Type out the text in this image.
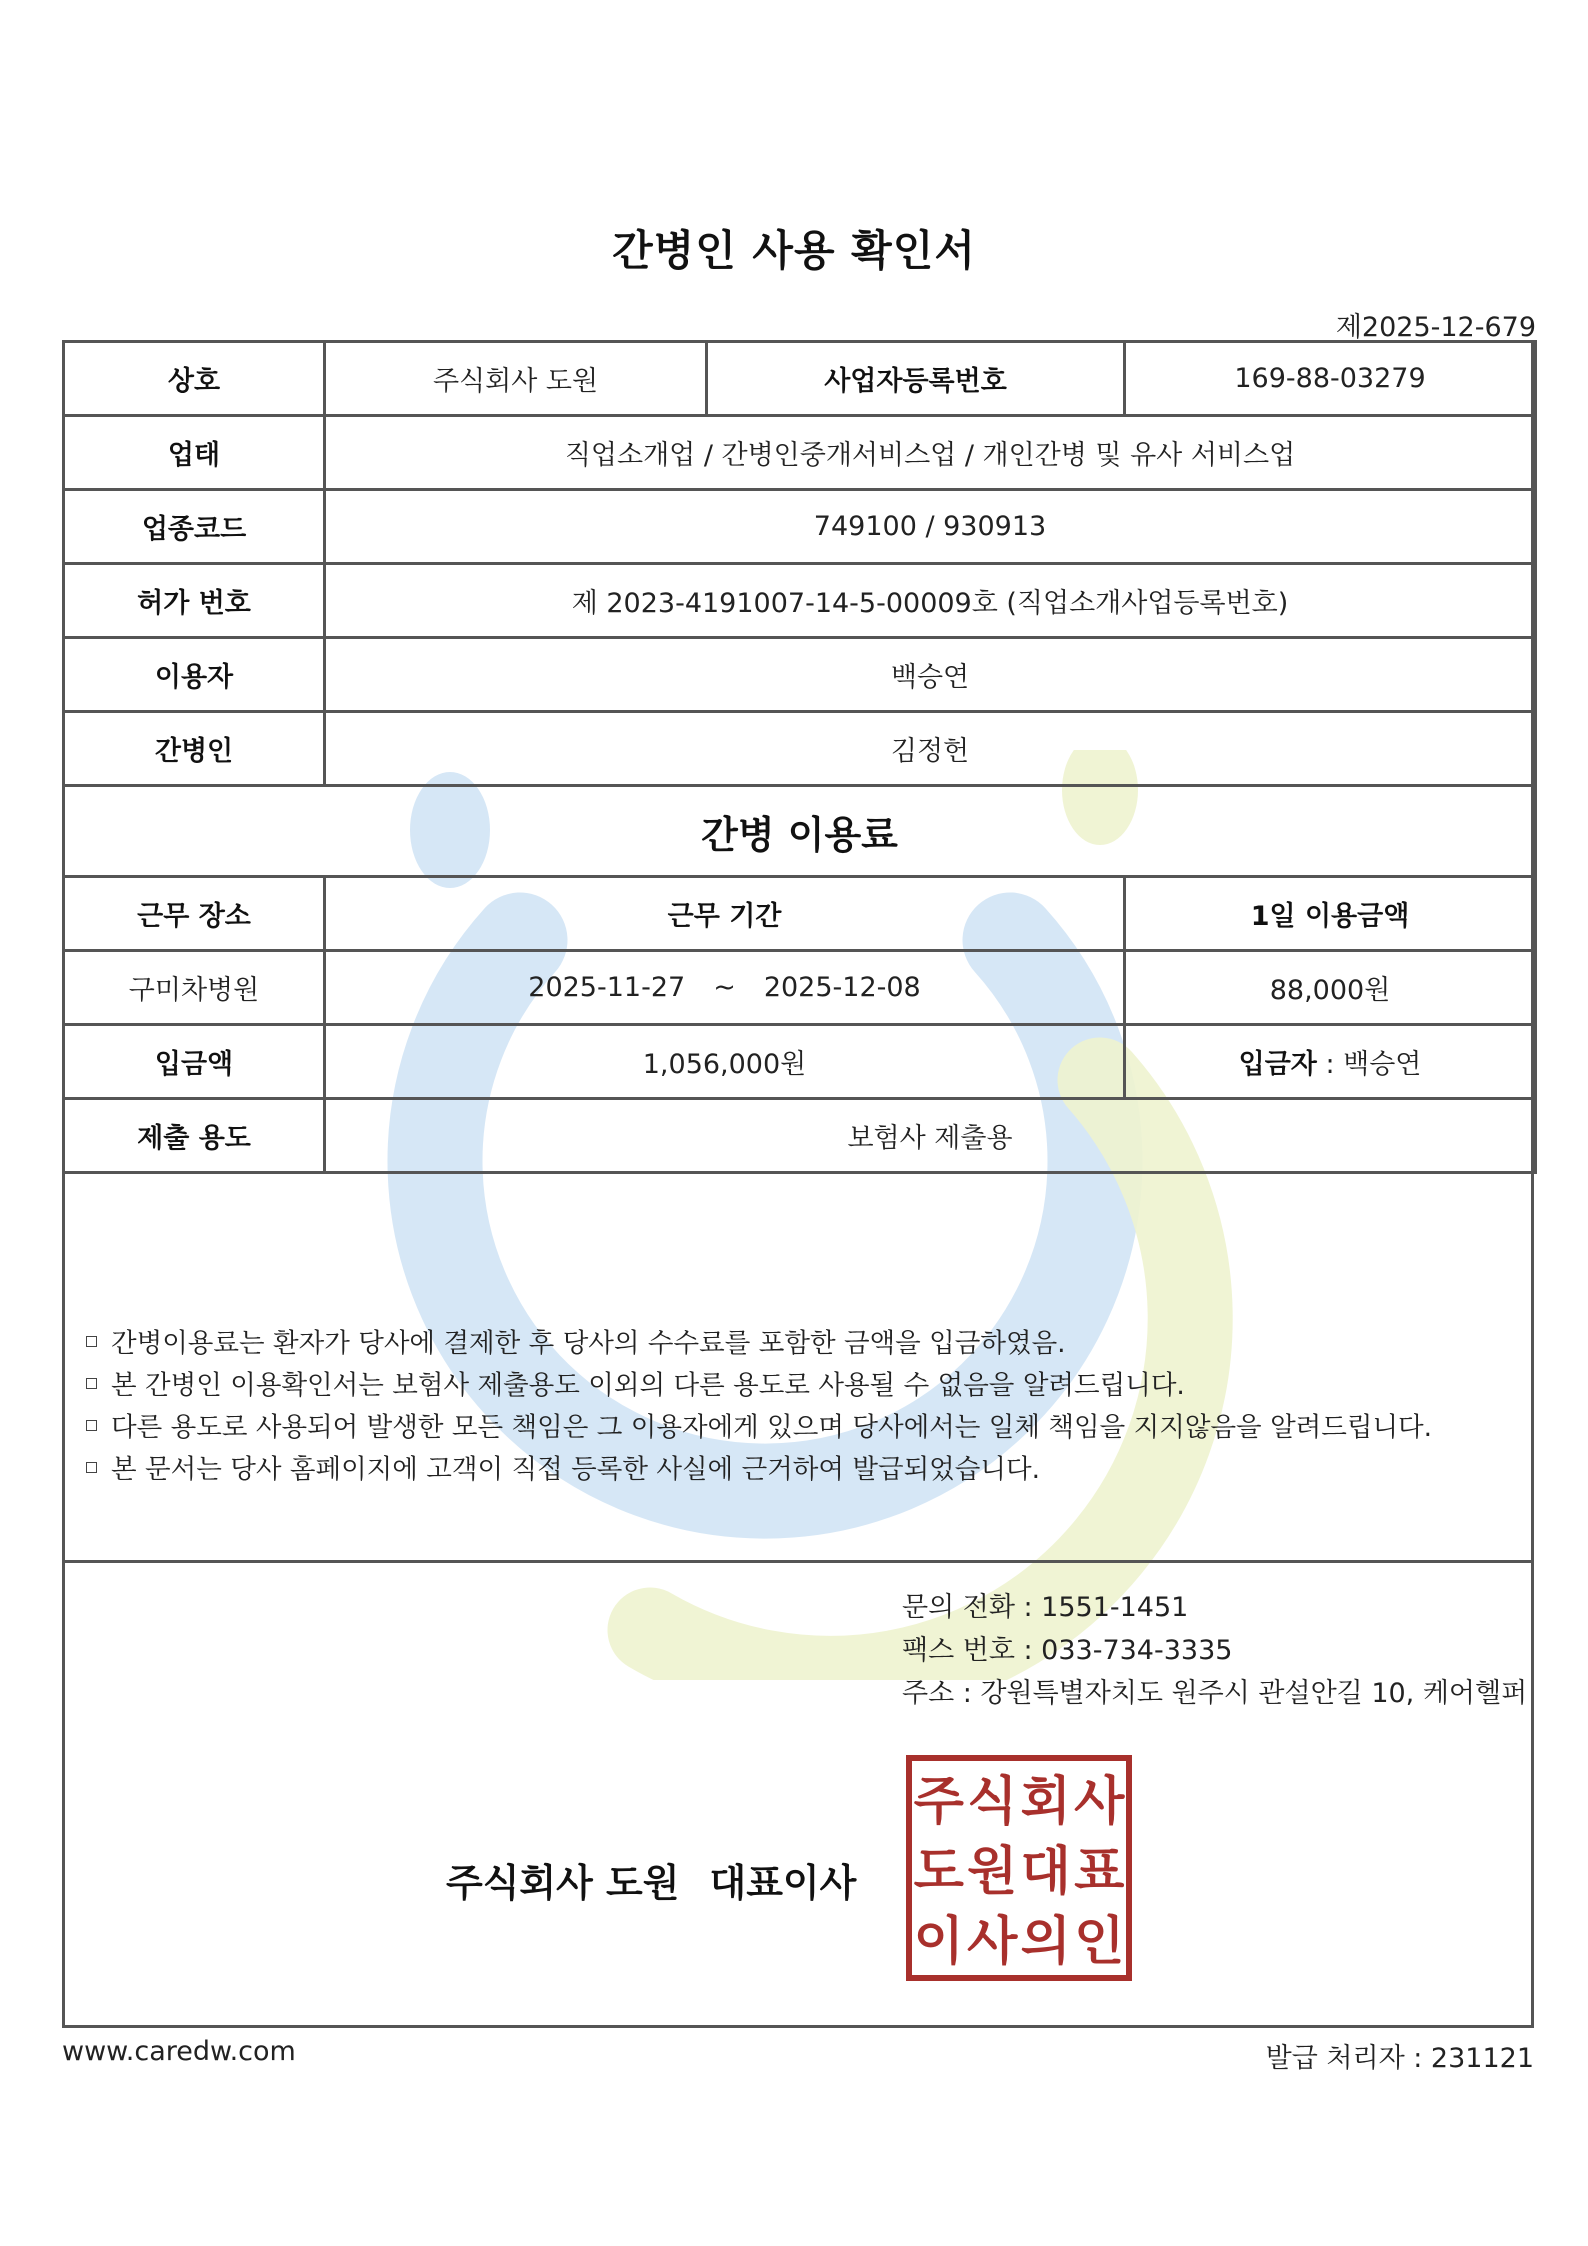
간병인 사용 확인서
제2025-12-679
상호	주식회사 도원	사업자등록번호	169-88-03279
업태	직업소개업 / 간병인중개서비스업 / 개인간병 및 유사 서비스업		
업종코드	749100 / 930913		
허가 번호	제 2023-4191007-14-5-00009호 (직업소개사업등록번호)		
이용자	백승연		
간병인	김정헌		
간병 이용료			
근무 장소	근무 기간		1일 이용금액
구미차병원	2025-11-27 ~ 2025-12-08		88,000원
입금액	1,056,000원		입금자 : 백승연
제출 용도	보험사 제출용		
간병이용료는 환자가 당사에 결제한 후 당사의 수수료를 포함한 금액을 입금하였음.
본 간병인 이용확인서는 보험사 제출용도 이외의 다른 용도로 사용될 수 없음을 알려드립니다.
다른 용도로 사용되어 발생한 모든 책임은 그 이용자에게 있으며 당사에서는 일체 책임을 지지않음을 알려드립니다.
본 문서는 당사 홈페이지에 고객이 직접 등록한 사실에 근거하여 발급되었습니다.
문의 전화 : 1551-1451
팩스 번호 : 033-734-3335
주소 : 강원특별자치도 원주시 관설안길 10, 케어헬퍼
주식회사 도원 대표이사
주 식 회 사
도 원 대 표
이 사 의 인
www.caredw.com	발급 처리자 : 231121
